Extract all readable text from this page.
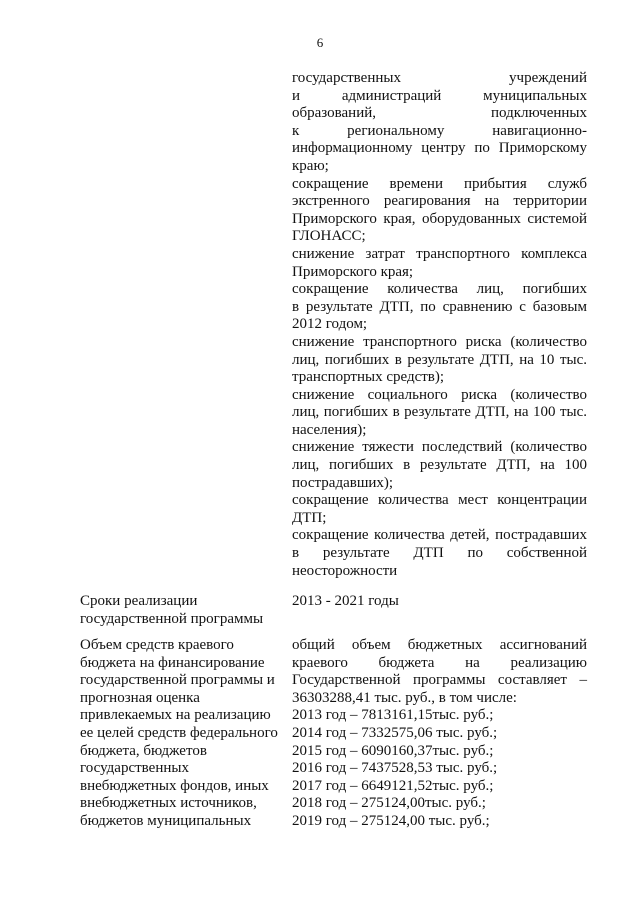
6
государственных учреждений
и администраций муниципальных
образований, подключенных
к региональному навигационно-
информационному центру по Приморскому
краю;
сокращение времени прибытия служб
экстренного реагирования на территории
Приморского края, оборудованных системой
ГЛОНАСС;
снижение затрат транспортного комплекса
Приморского края;
сокращение количества лиц, погибших
в результате ДТП, по сравнению с базовым
2012 годом;
снижение транспортного риска (количество
лиц, погибших в результате ДТП, на 10 тыс.
транспортных средств);
снижение социального риска (количество
лиц, погибших в результате ДТП, на 100 тыс.
населения);
снижение тяжести последствий (количество
лиц, погибших в результате ДТП, на 100
пострадавших);
сокращение количества мест концентрации
ДТП;
сокращение количества детей, пострадавших
в результате ДТП по собственной
неосторожности
Сроки реализации
государственной программы
2013 - 2021 годы
Объем средств краевого
бюджета на финансирование
государственной программы и
прогнозная оценка
привлекаемых на реализацию
ее целей средств федерального
бюджета, бюджетов
государственных
внебюджетных фондов, иных
внебюджетных источников,
бюджетов муниципальных
общий объем бюджетных ассигнований
краевого бюджета на реализацию
Государственной программы составляет –
36303288,41 тыс. руб., в том числе:
2013 год – 7813161,15тыс. руб.;
2014 год – 7332575,06 тыс. руб.;
2015 год – 6090160,37тыс. руб.;
2016 год – 7437528,53 тыс. руб.;
2017 год – 6649121,52тыс. руб.;
2018 год – 275124,00тыс. руб.;
2019 год – 275124,00 тыс. руб.;
